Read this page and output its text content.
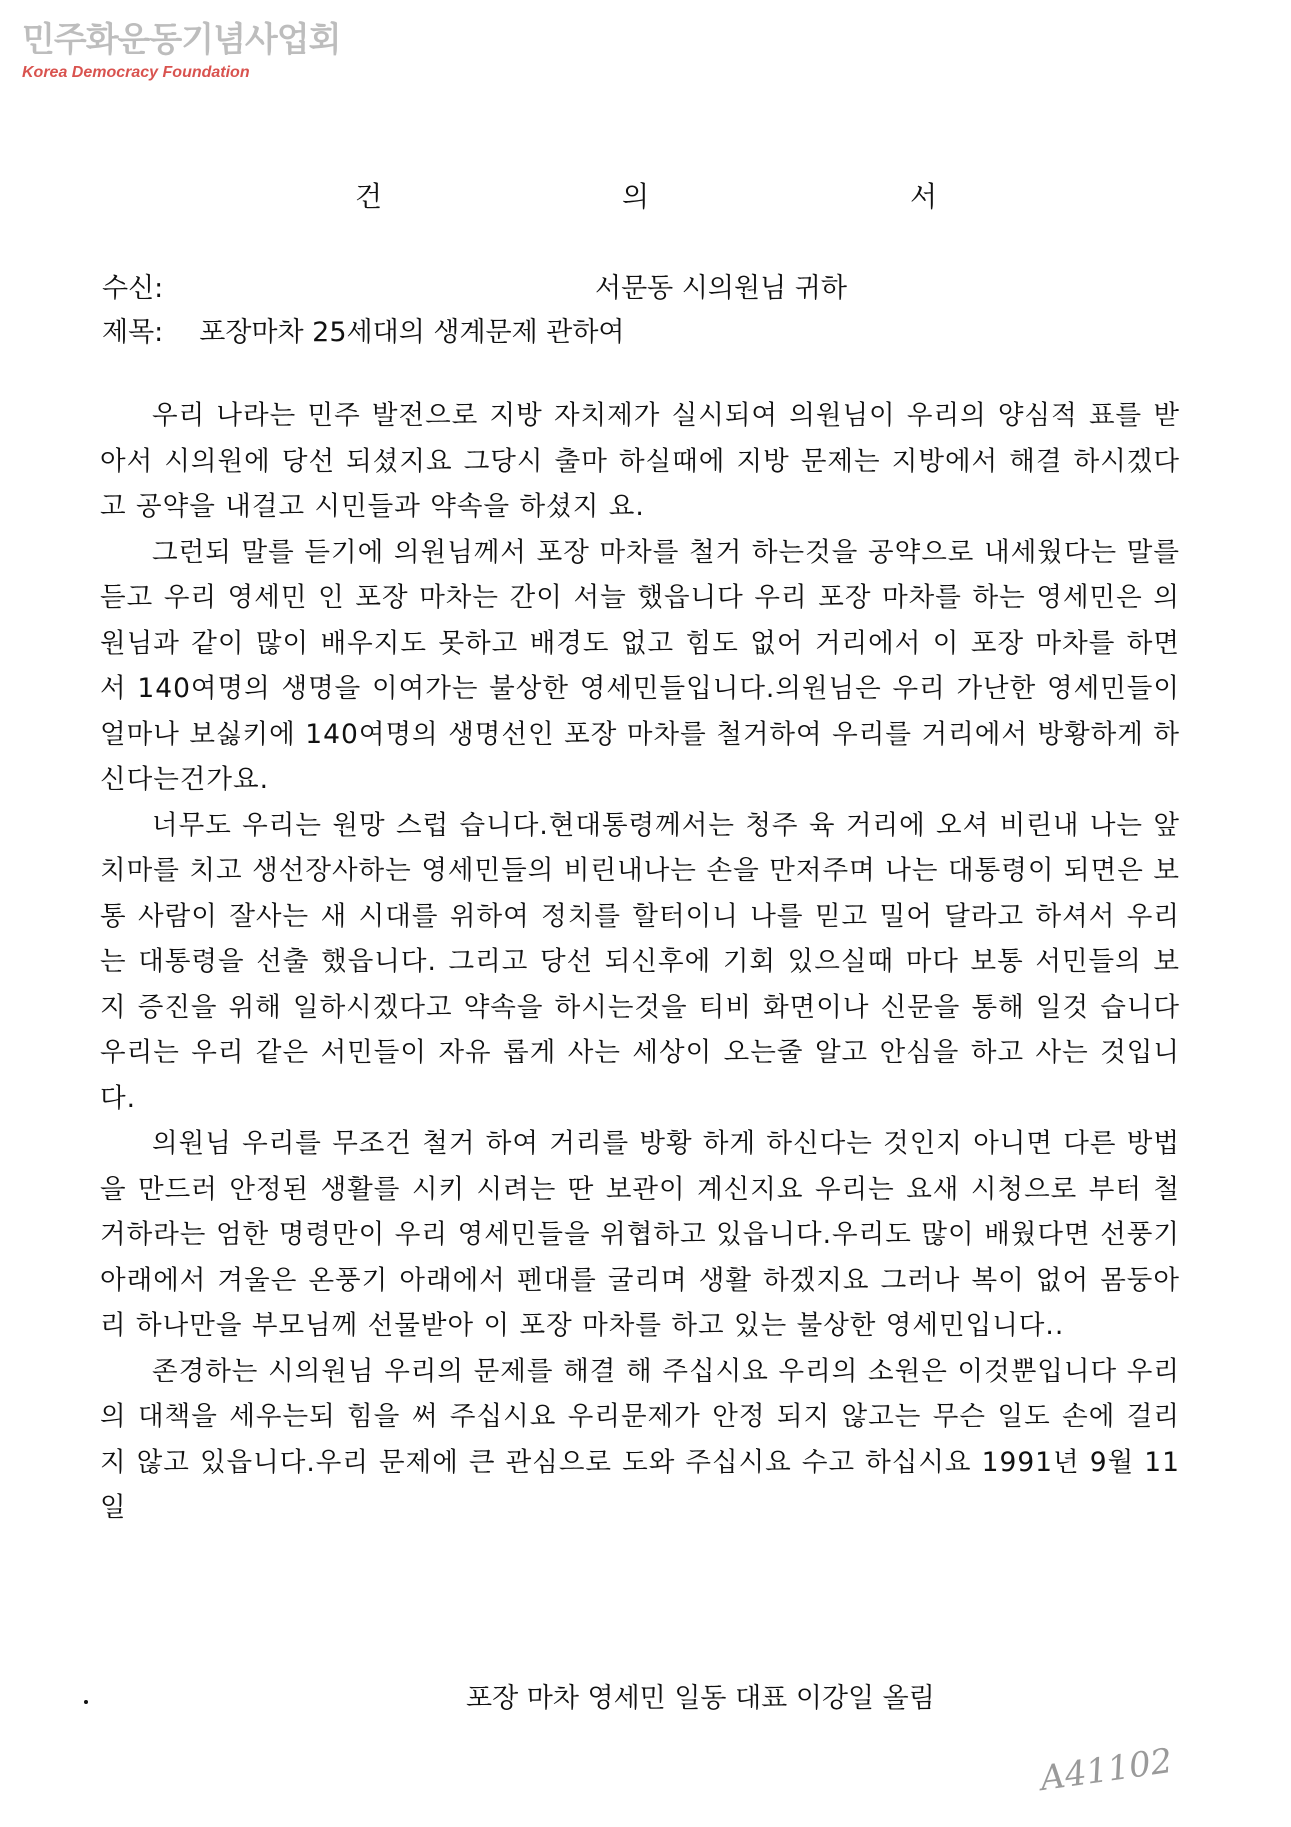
민주화운동기념사업회
Korea Democracy Foundation
건	의	서
수신:	서문동 시의원님 귀하
제목: 포장마차 25세대의 생계문제 관하여

우리 나라는 민주 발전으로 지방 자치제가 실시되여 의원님이 우리의 양심적 표를 받아서 시의원에 당선 되셨지요 그당시 출마 하실때에 지방 문제는 지방에서 해결 하시겠다고 공약을 내걸고 시민들과 약속을 하셨지 요.

그런되 말를 듣기에 의원님께서 포장 마차를 철거 하는것을 공약으로 내세웠다는 말를 듣고 우리 영세민 인 포장 마차는 간이 서늘 했읍니다 우리 포장 마차를 하는 영세민은 의원님과 같이 많이 배우지도 못하고 배경도 없고 힘도 없어 거리에서 이 포장 마차를 하면서 140여명의 생명을 이여가는 불상한 영세민들입니다.의원님은 우리 가난한 영세민들이 얼마나 보싫키에 140여명의 생명선인 포장 마차를 철거하여 우리를 거리에서 방황하게 하신다는건가요.

너무도 우리는 원망 스럽 습니다.현대통령께서는 청주 육 거리에 오셔 비린내 나는 앞치마를 치고 생선장사하는 영세민들의 비린내나는 손을 만저주며 나는 대통령이 되면은 보통 사람이 잘사는 새 시대를 위하여 정치를 할터이니 나를 믿고 밀어 달라고 하셔서 우리는 대통령을 선출 했읍니다. 그리고 당선 되신후에 기회 있으실때 마다 보통 서민들의 보지 증진을 위해 일하시겠다고 약속을 하시는것을 티비 화면이나 신문을 통해 일것 습니다 우리는 우리 같은 서민들이 자유 롭게 사는 세상이 오는줄 알고 안심을 하고 사는 것입니다.

의원님 우리를 무조건 철거 하여 거리를 방황 하게 하신다는 것인지 아니면 다른 방법을 만드러 안정된 생활를 시키 시려는 딴 보관이 계신지요 우리는 요새 시청으로 부터 철거하라는 엄한 명령만이 우리 영세민들을 위협하고 있읍니다.우리도 많이 배웠다면 선풍기아래에서 겨울은 온풍기 아래에서 펜대를 굴리며 생활 하겠지요 그러나 복이 없어 몸둥아리 하나만을 부모님께 선물받아 이 포장 마차를 하고 있는 불상한 영세민입니다..

존경하는 시의원님 우리의 문제를 해결 해 주십시요 우리의 소원은 이것뿐입니다 우리의 대책을 세우는되 힘을 써 주십시요 우리문제가 안정 되지 않고는 무슨 일도 손에 걸리지 않고 있읍니다.우리 문제에 큰 관심으로 도와 주십시요 수고 하십시요 1991년 9월 11일

포장 마차 영세민 일동 대표 이강일 올림
A41102
